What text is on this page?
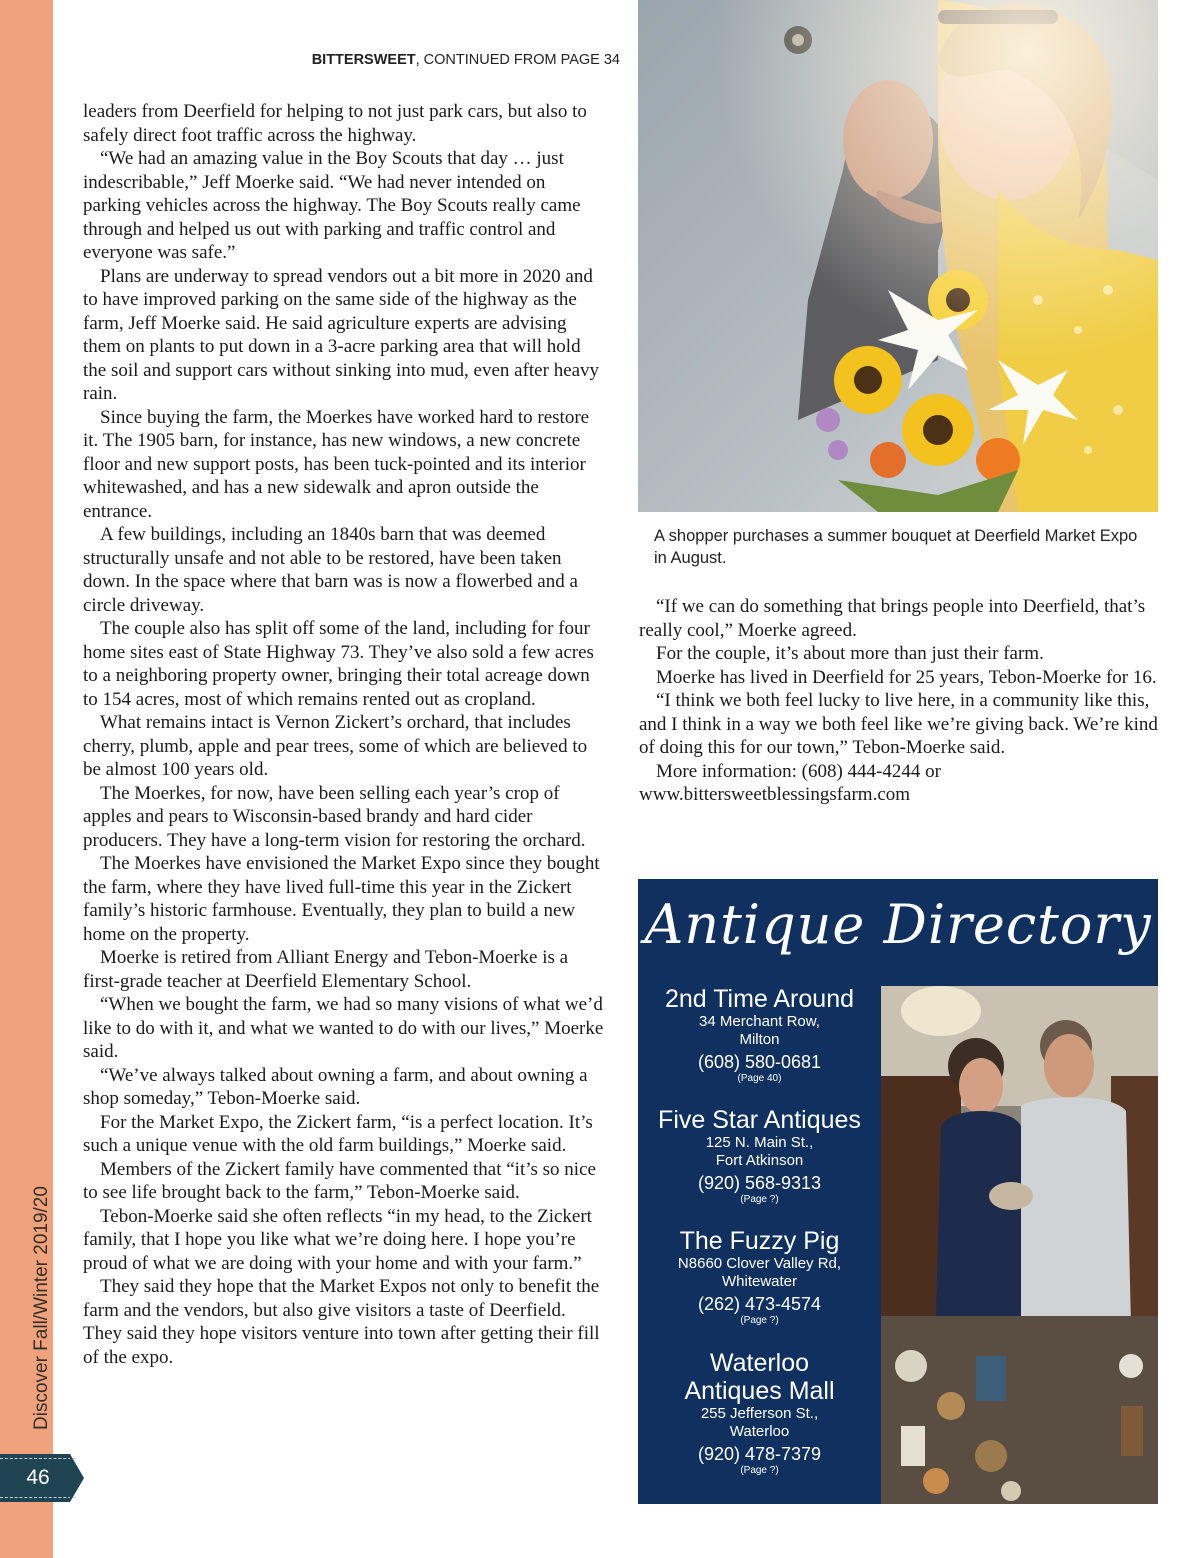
Discover Fall/Winter 2019/20
46
BITTERSWEET, CONTINUED FROM PAGE 34

leaders from Deerfield for helping to not just park cars, but also to safely direct foot traffic across the highway.

“We had an amazing value in the Boy Scouts that day … just indescribable,” Jeff Moerke said. “We had never intended on parking vehicles across the highway. The Boy Scouts really came through and helped us out with parking and traffic control and everyone was safe.”

Plans are underway to spread vendors out a bit more in 2020 and to have improved parking on the same side of the highway as the farm, Jeff Moerke said. He said agriculture experts are advising them on plants to put down in a 3-acre parking area that will hold the soil and support cars without sinking into mud, even after heavy rain.

Since buying the farm, the Moerkes have worked hard to restore it. The 1905 barn, for instance, has new windows, a new concrete floor and new support posts, has been tuck-pointed and its interior whitewashed, and has a new sidewalk and apron outside the entrance.

A few buildings, including an 1840s barn that was deemed structurally unsafe and not able to be restored, have been taken down. In the space where that barn was is now a flowerbed and a circle driveway.

The couple also has split off some of the land, including for four home sites east of State Highway 73. They’ve also sold a few acres to a neighboring property owner, bringing their total acreage down to 154 acres, most of which remains rented out as cropland.

What remains intact is Vernon Zickert’s orchard, that includes cherry, plumb, apple and pear trees, some of which are believed to be almost 100 years old.

The Moerkes, for now, have been selling each year’s crop of apples and pears to Wisconsin-based brandy and hard cider producers. They have a long-term vision for restoring the orchard.

The Moerkes have envisioned the Market Expo since they bought the farm, where they have lived full-time this year in the Zickert family’s historic farmhouse. Eventually, they plan to build a new home on the property.

Moerke is retired from Alliant Energy and Tebon-Moerke is a first-grade teacher at Deerfield Elementary School.

“When we bought the farm, we had so many visions of what we’d like to do with it, and what we wanted to do with our lives,” Moerke said.

“We’ve always talked about owning a farm, and about owning a shop someday,” Tebon-Moerke said.

For the Market Expo, the Zickert farm, “is a perfect location. It’s such a unique venue with the old farm buildings,” Moerke said.

Members of the Zickert family have commented that “it’s so nice to see life brought back to the farm,” Tebon-Moerke said.

Tebon-Moerke said she often reflects “in my head, to the Zickert family, that I hope you like what we’re doing here. I hope you’re proud of what we are doing with your home and with your farm.”

They said they hope that the Market Expos not only to benefit the farm and the vendors, but also give visitors a taste of Deerfield. They said they hope visitors venture into town after getting their fill of the expo.

A shopper purchases a summer bouquet at Deerfield Market Expo in August.

“If we can do something that brings people into Deerfield, that’s really cool,” Moerke agreed.

For the couple, it’s about more than just their farm.

Moerke has lived in Deerfield for 25 years, Tebon-Moerke for 16.

“I think we both feel lucky to live here, in a community like this, and I think in a way we both feel like we’re giving back. We’re kind of doing this for our town,” Tebon-Moerke said.

More information: (608) 444-4244 or www.bittersweetblessingsfarm.com

Antique Directory
2nd Time Around
34 Merchant Row,
Milton
(608) 580-0681
(Page 40)
Five Star Antiques
125 N. Main St.,
Fort Atkinson
(920) 568-9313
(Page ?)
The Fuzzy Pig
N8660 Clover Valley Rd,
Whitewater
(262) 473-4574
(Page ?)
Waterloo
Antiques Mall
255 Jefferson St.,
Waterloo
(920) 478-7379
(Page ?)
